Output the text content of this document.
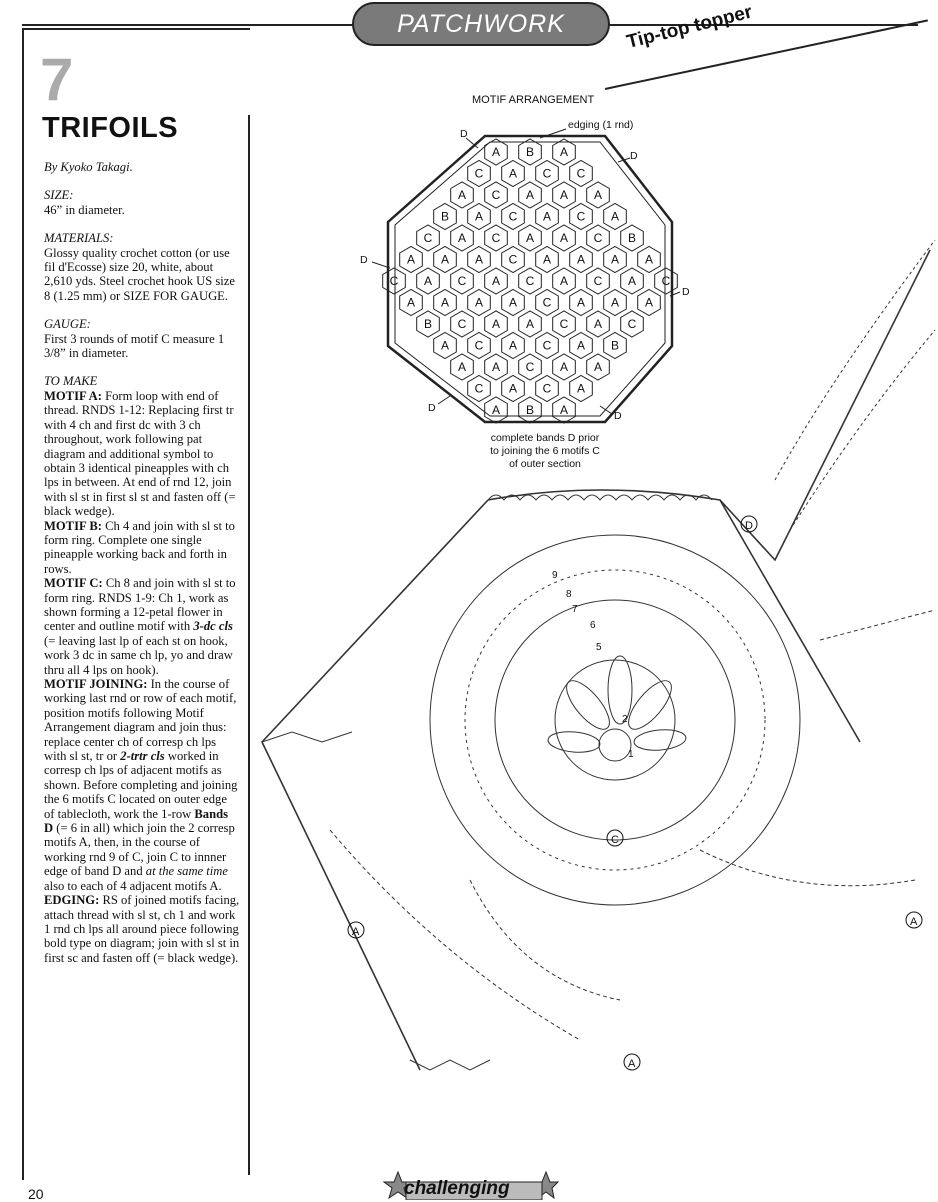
PATCHWORK	Tip-top topper
7
TRIFOILS

By Kyoko Takagi.

SIZE:

46” in diameter.

MATERIALS:

Glossy quality crochet cotton (or use fil d'Ecosse) size 20, white, about 2,610 yds. Steel crochet hook US size 8 (1.25 mm) or SIZE FOR GAUGE.

GAUGE:

First 3 rounds of motif C measure 1 3/8” in diameter.

TO MAKE

MOTIF A: Form loop with end of thread. RNDS 1-12: Replacing first tr with 4 ch and first dc with 3 ch throughout, work following pat diagram and additional symbol to obtain 3 identical pineapples with ch lps in between. At end of rnd 12, join with sl st in first sl st and fasten off (= black wedge).

MOTIF B: Ch 4 and join with sl st to form ring. Complete one single pineapple working back and forth in rows.

MOTIF C: Ch 8 and join with sl st to form ring. RNDS 1-9: Ch 1, work as shown forming a 12-petal flower in center and outline motif with 3-dc cls (= leaving last lp of each st on hook, work 3 dc in same ch lp, yo and draw thru all 4 lps on hook).

MOTIF JOINING: In the course of working last rnd or row of each motif, position motifs following Motif Arrangement diagram and join thus: replace center ch of corresp ch lps with sl st, tr or 2-trtr cls worked in corresp ch lps of adjacent motifs as shown. Before completing and joining the 6 motifs C located on outer edge of tablecloth, work the 1-row Bands D (= 6 in all) which join the 2 corresp motifs A, then, in the course of working rnd 9 of C, join C to innner edge of band D and at the same time also to each of 4 adjacent motifs A.

EDGING: RS of joined motifs facing, attach thread with sl st, ch 1 and work 1 rnd ch lps all around piece following bold type on diagram; join with sl st in first sc and fasten off (= black wedge).

MOTIF ARRANGEMENT
edging (1 rnd)
A B A
C A C C
A C A A A
B A C A C A
C A C A A C B
A A A C A A A A
C A C A C A C A C
A A A A C A A A
B C A A C A C
A C A C A B
A A C A A
C A C A
A B A
C
D
A
A
A
1
2
5
6
7
8
9
D
D
D
D
D
D
complete bands D prior
to joining the 6 motifs C
of outer section
20	challenging
